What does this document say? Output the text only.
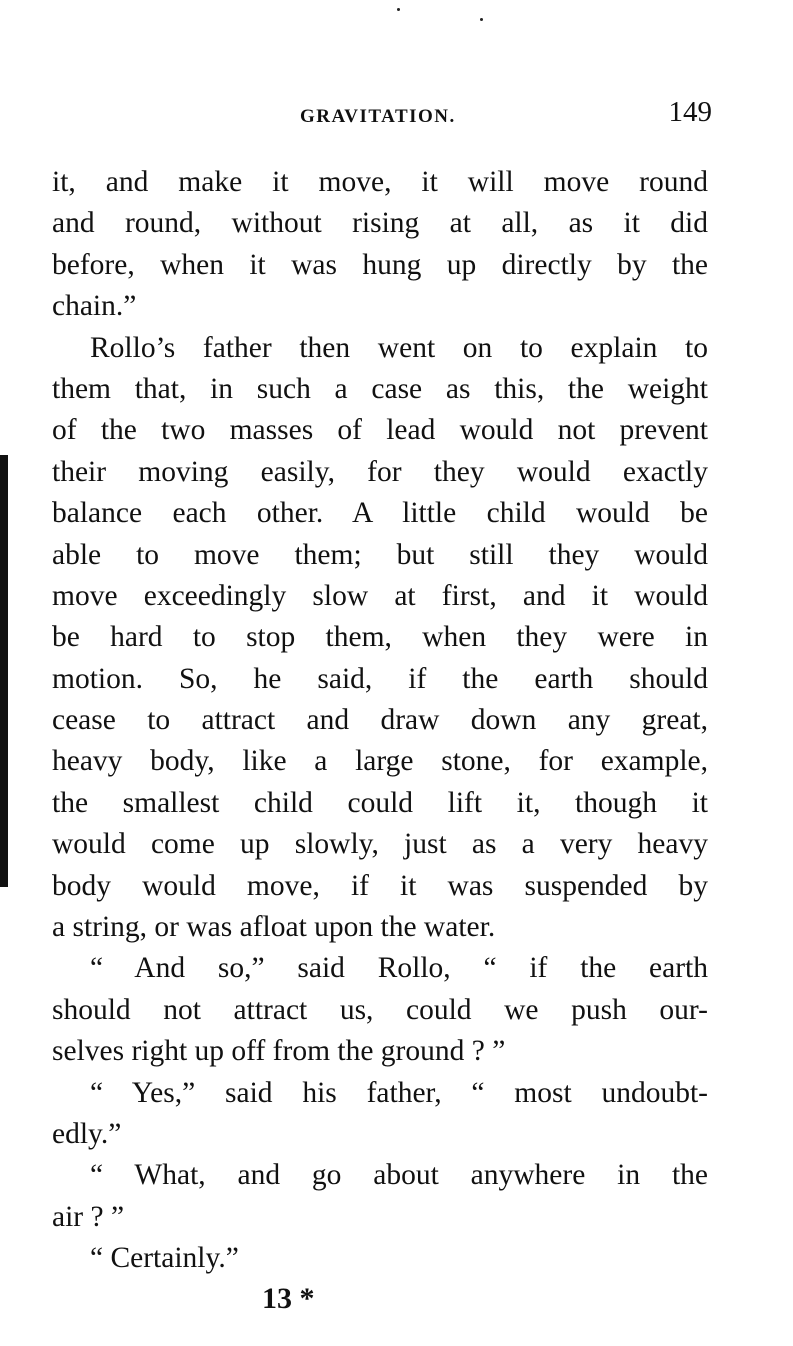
GRAVITATION.	149
it, and make it move, it will move round
and round, without rising at all, as it did
before, when it was hung up directly by the
chain.”
Rollo’s father then went on to explain to
them that, in such a case as this, the weight
of the two masses of lead would not prevent
their moving easily, for they would exactly
balance each other. A little child would be
able to move them; but still they would
move exceedingly slow at first, and it would
be hard to stop them, when they were in
motion. So, he said, if the earth should
cease to attract and draw down any great,
heavy body, like a large stone, for example,
the smallest child could lift it, though it
would come up slowly, just as a very heavy
body would move, if it was suspended by
a string, or was afloat upon the water.
“ And so,” said Rollo, “ if the earth
should not attract us, could we push our-
selves right up off from the ground ? ”
“ Yes,” said his father, “ most undoubt-
edly.”
“ What, and go about anywhere in the
air ? ”
“ Certainly.”
13 *
